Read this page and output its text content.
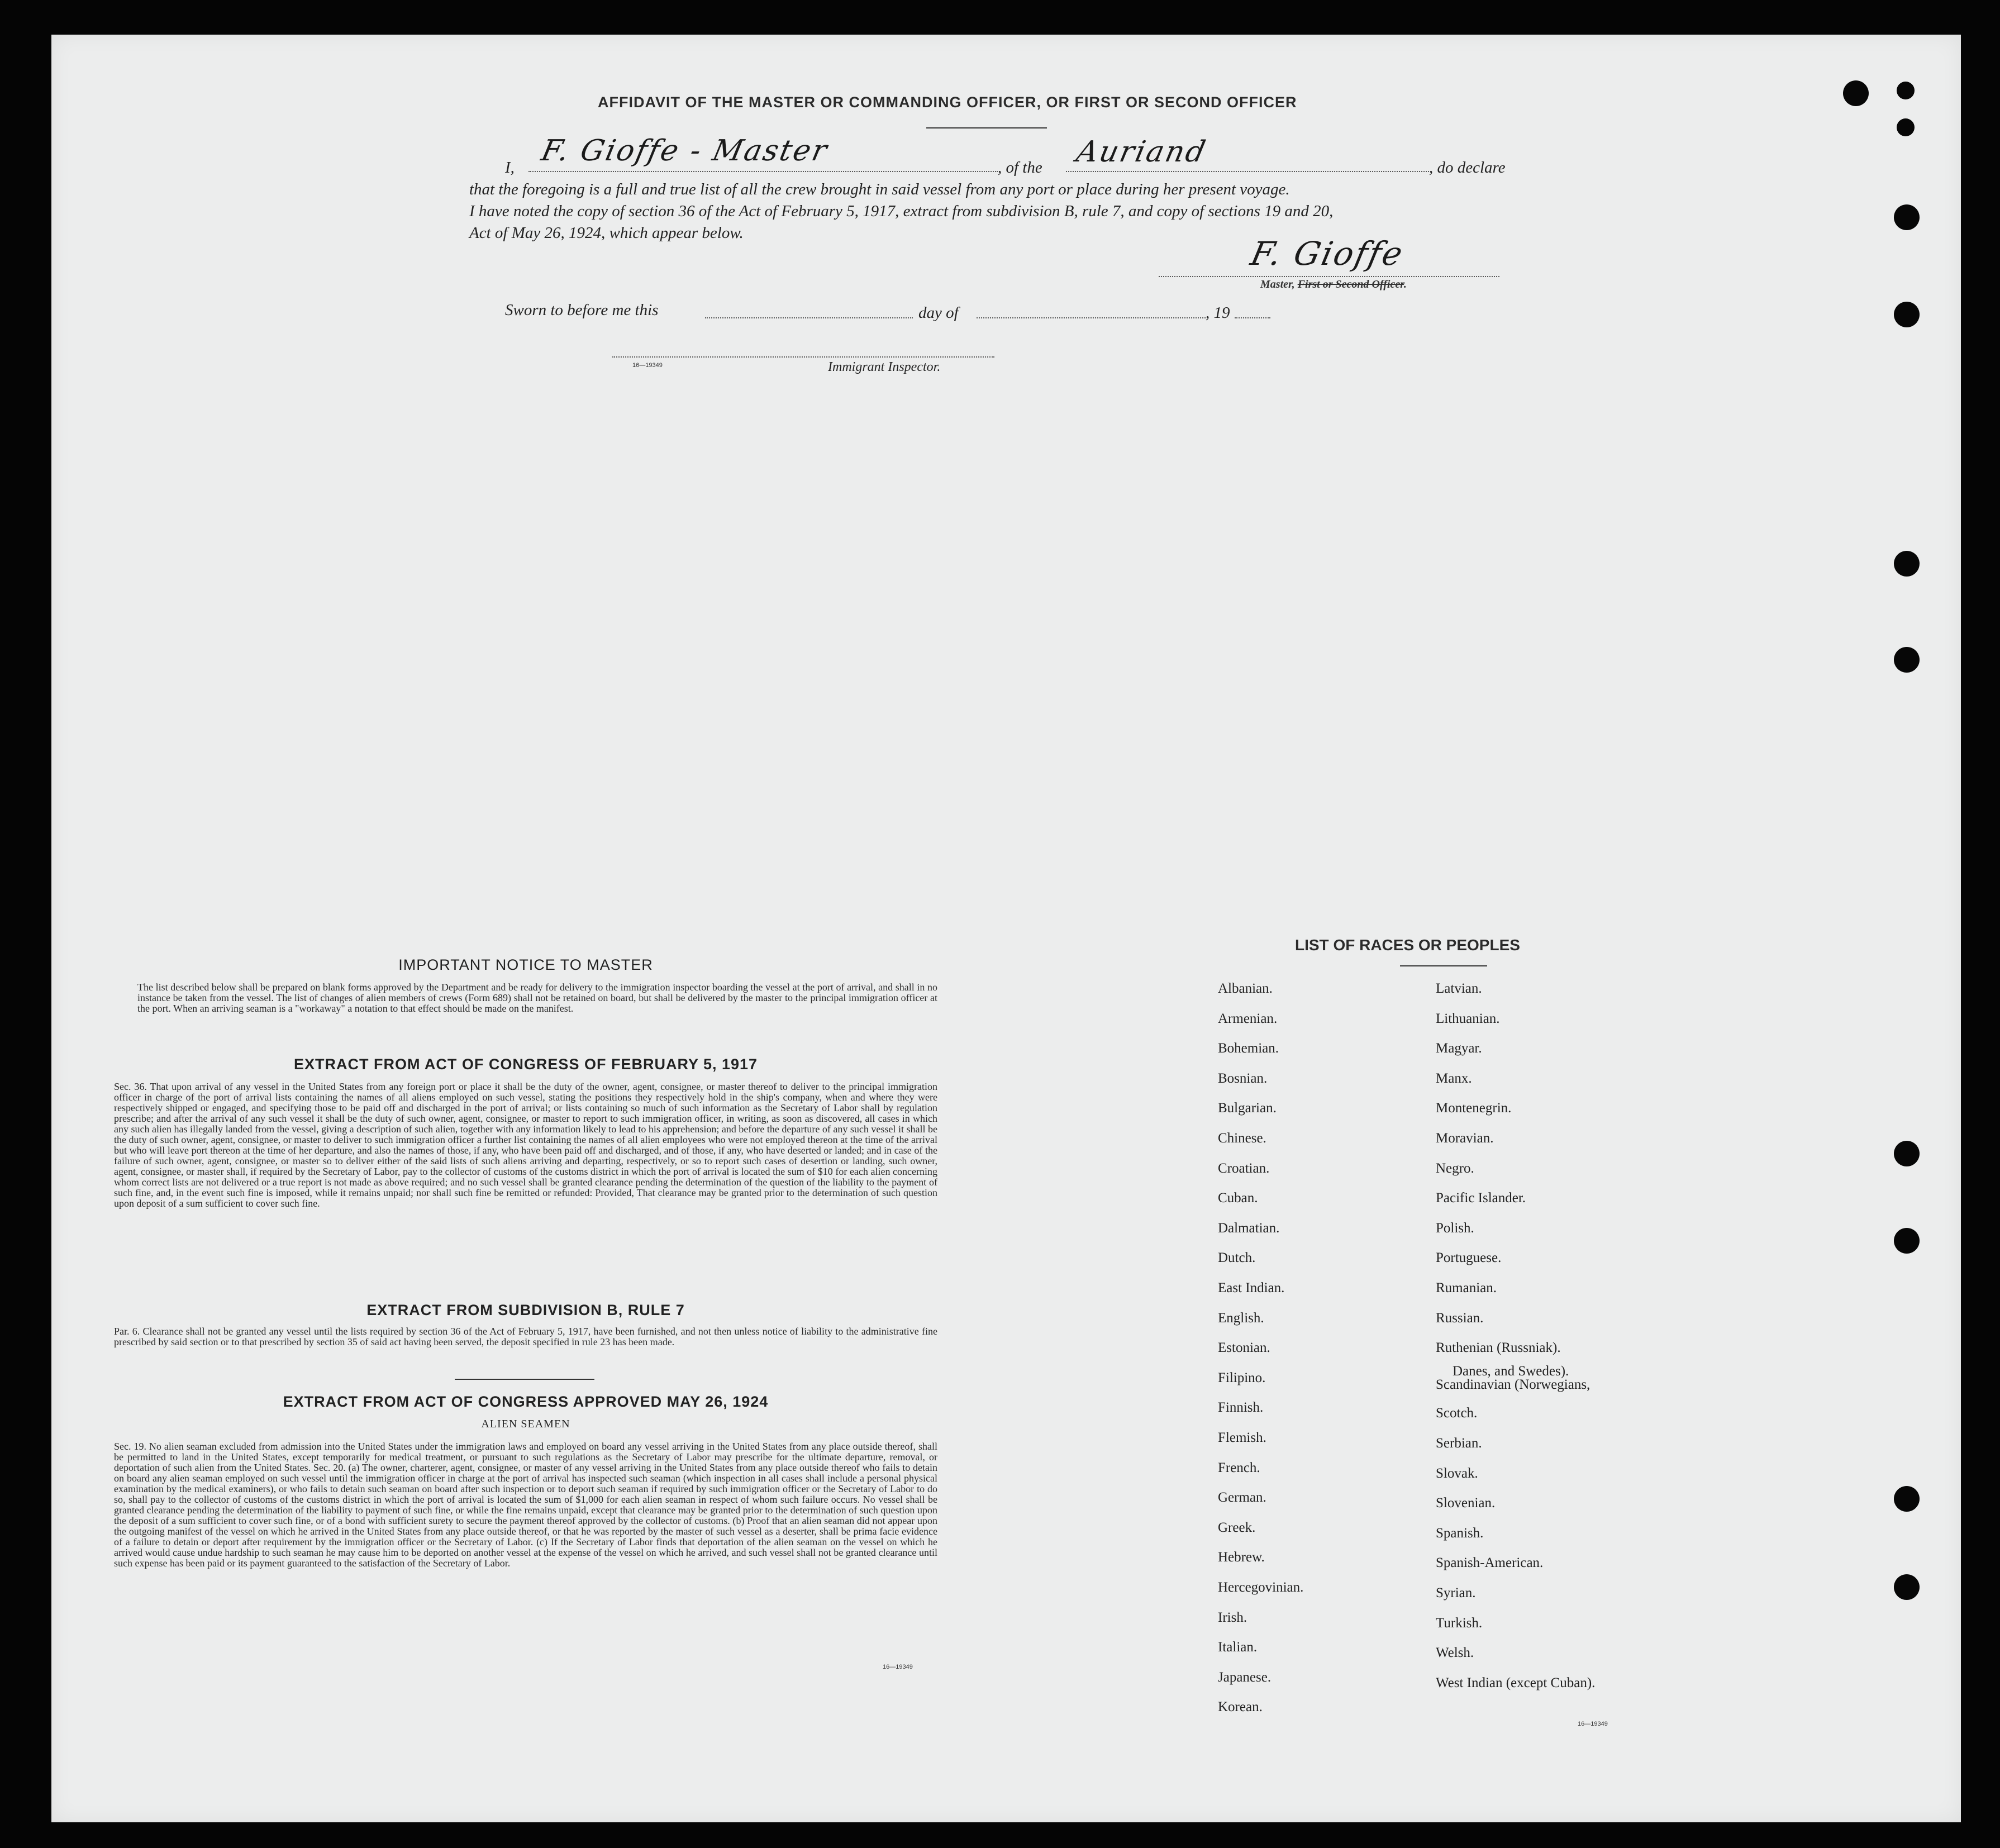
AFFIDAVIT OF THE MASTER OR COMMANDING OFFICER, OR FIRST OR SECOND OFFICER
I, F. Gioffe - Master	, of the Auriand	, do declare
that the foregoing is a full and true list of all the crew brought in said vessel from any port or place during her present voyage.
I have noted the copy of section 36 of the Act of February 5, 1917, extract from subdivision B, rule 7, and copy of sections 19 and 20,
Act of May 26, 1924, which appear below.
F. Gioffe
Master, First or Second Officer.
Sworn to before me this	day of	, 19
16—19349	Immigrant Inspector.
IMPORTANT NOTICE TO MASTER
The list described below shall be prepared on blank forms approved by the Department and be ready for delivery to the immigration inspector boarding the vessel at the port of arrival, and shall in no instance be taken from the vessel. The list of changes of alien members of crews (Form 689) shall not be retained on board, but shall be delivered by the master to the principal immigration officer at the port. When an arriving seaman is a "workaway" a notation to that effect should be made on the manifest.
EXTRACT FROM ACT OF CONGRESS OF FEBRUARY 5, 1917
Sec. 36. That upon arrival of any vessel in the United States from any foreign port or place it shall be the duty of the owner, agent, consignee, or master thereof to deliver to the principal immigration officer in charge of the port of arrival lists containing the names of all aliens employed on such vessel, stating the positions they respectively hold in the ship's company, when and where they were respectively shipped or engaged, and specifying those to be paid off and discharged in the port of arrival; or lists containing so much of such information as the Secretary of Labor shall by regulation prescribe; and after the arrival of any such vessel it shall be the duty of such owner, agent, consignee, or master to report to such immigration officer, in writing, as soon as discovered, all cases in which any such alien has illegally landed from the vessel, giving a description of such alien, together with any information likely to lead to his apprehension; and before the departure of any such vessel it shall be the duty of such owner, agent, consignee, or master to deliver to such immigration officer a further list containing the names of all alien employees who were not employed thereon at the time of the arrival but who will leave port thereon at the time of her departure, and also the names of those, if any, who have been paid off and discharged, and of those, if any, who have deserted or landed; and in case of the failure of such owner, agent, consignee, or master so to deliver either of the said lists of such aliens arriving and departing, respectively, or so to report such cases of desertion or landing, such owner, agent, consignee, or master shall, if required by the Secretary of Labor, pay to the collector of customs of the customs district in which the port of arrival is located the sum of $10 for each alien concerning whom correct lists are not delivered or a true report is not made as above required; and no such vessel shall be granted clearance pending the determination of the question of the liability to the payment of such fine, and, in the event such fine is imposed, while it remains unpaid; nor shall such fine be remitted or refunded: Provided, That clearance may be granted prior to the determination of such question upon deposit of a sum sufficient to cover such fine.
EXTRACT FROM SUBDIVISION B, RULE 7
Par. 6. Clearance shall not be granted any vessel until the lists required by section 36 of the Act of February 5, 1917, have been furnished, and not then unless notice of liability to the administrative fine prescribed by said section or to that prescribed by section 35 of said act having been served, the deposit specified in rule 23 has been made.
EXTRACT FROM ACT OF CONGRESS APPROVED MAY 26, 1924
ALIEN SEAMEN
Sec. 19. No alien seaman excluded from admission into the United States under the immigration laws and employed on board any vessel arriving in the United States from any place outside thereof, shall be permitted to land in the United States, except temporarily for medical treatment, or pursuant to such regulations as the Secretary of Labor may prescribe for the ultimate departure, removal, or deportation of such alien from the United States. Sec. 20. (a) The owner, charterer, agent, consignee, or master of any vessel arriving in the United States from any place outside thereof who fails to detain on board any alien seaman employed on such vessel until the immigration officer in charge at the port of arrival has inspected such seaman (which inspection in all cases shall include a personal physical examination by the medical examiners), or who fails to detain such seaman on board after such inspection or to deport such seaman if required by such immigration officer or the Secretary of Labor to do so, shall pay to the collector of customs of the customs district in which the port of arrival is located the sum of $1,000 for each alien seaman in respect of whom such failure occurs. No vessel shall be granted clearance pending the determination of the liability to payment of such fine, or while the fine remains unpaid, except that clearance may be granted prior to the determination of such question upon the deposit of a sum sufficient to cover such fine, or of a bond with sufficient surety to secure the payment thereof approved by the collector of customs. (b) Proof that an alien seaman did not appear upon the outgoing manifest of the vessel on which he arrived in the United States from any place outside thereof, or that he was reported by the master of such vessel as a deserter, shall be prima facie evidence of a failure to detain or deport after requirement by the immigration officer or the Secretary of Labor. (c) If the Secretary of Labor finds that deportation of the alien seaman on the vessel on which he arrived would cause undue hardship to such seaman he may cause him to be deported on another vessel at the expense of the vessel on which he arrived, and such vessel shall not be granted clearance until such expense has been paid or its payment guaranteed to the satisfaction of the Secretary of Labor.
16—19349
LIST OF RACES OR PEOPLES
Albanian.
Armenian.
Bohemian.
Bosnian.
Bulgarian.
Chinese.
Croatian.
Cuban.
Dalmatian.
Dutch.
East Indian.
English.
Estonian.
Filipino.
Finnish.
Flemish.
French.
German.
Greek.
Hebrew.
Hercegovinian.
Irish.
Italian.
Japanese.
Korean.
Latvian.
Lithuanian.
Magyar.
Manx.
Montenegrin.
Moravian.
Negro.
Pacific Islander.
Polish.
Portuguese.
Rumanian.
Russian.
Ruthenian (Russniak).
Scandinavian (Norwegians,
Danes, and Swedes).
Scotch.
Serbian.
Slovak.
Slovenian.
Spanish.
Spanish-American.
Syrian.
Turkish.
Welsh.
West Indian (except Cuban).
16—19349
